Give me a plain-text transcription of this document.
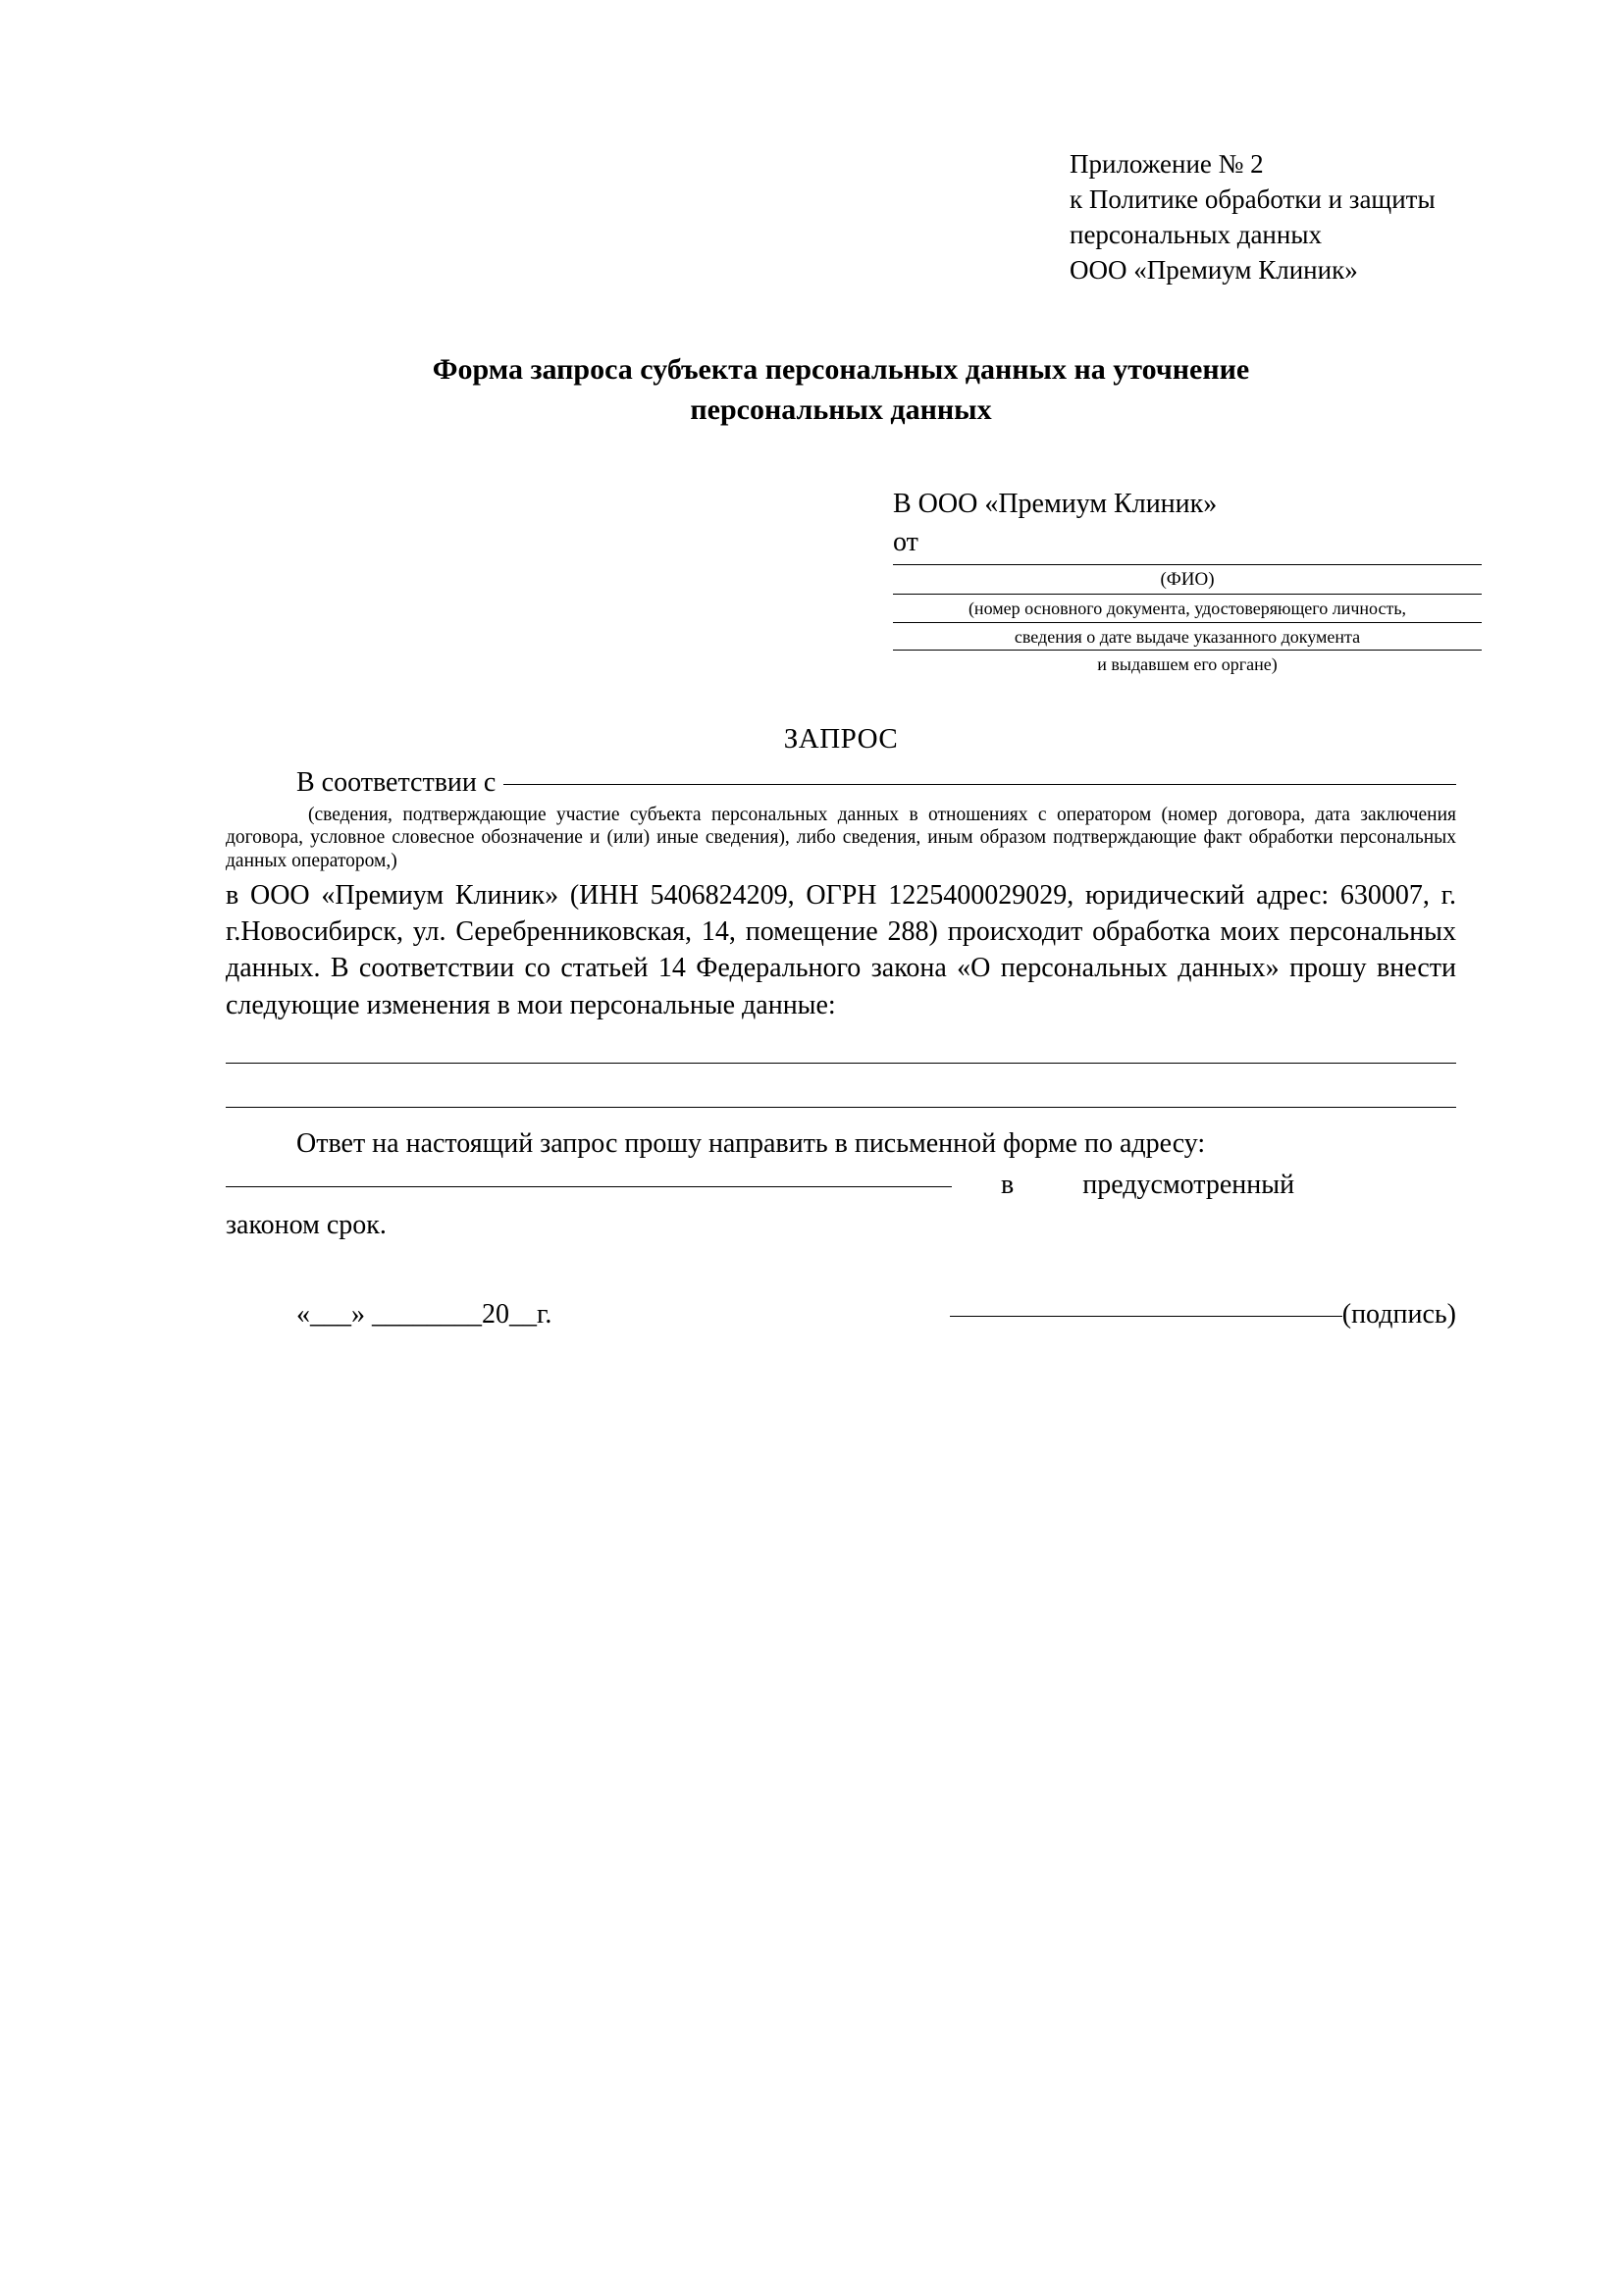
Приложение № 2
к Политике обработки и защиты
персональных данных
ООО «Премиум Клиник»
Форма запроса субъекта персональных данных на уточнение
персональных данных
В ООО «Премиум Клиник»
от
(ФИО)
(номер основного документа, удостоверяющего личность,
сведения о дате выдаче указанного документа
и выдавшем его органе)
ЗАПРОС
В соответствии с
(сведения, подтверждающие участие субъекта персональных данных в отношениях с оператором (номер договора, дата заключения договора, условное словесное обозначение и (или) иные сведения), либо сведения, иным образом подтверждающие факт обработки персональных данных оператором,)
в ООО «Премиум Клиник» (ИНН 5406824209, ОГРН 1225400029029, юридический адрес: 630007, г. г.Новосибирск, ул. Серебренниковская, 14, помещение 288) происходит обработка моих персональных данных. В соответствии со статьей 14 Федерального закона «О персональных данных» прошу внести следующие изменения в мои персональные данные:
Ответ на настоящий запрос прошу направить в письменной форме по адресу:
в	предусмотренный
законом срок.
«___» ________20__г.	(подпись)
